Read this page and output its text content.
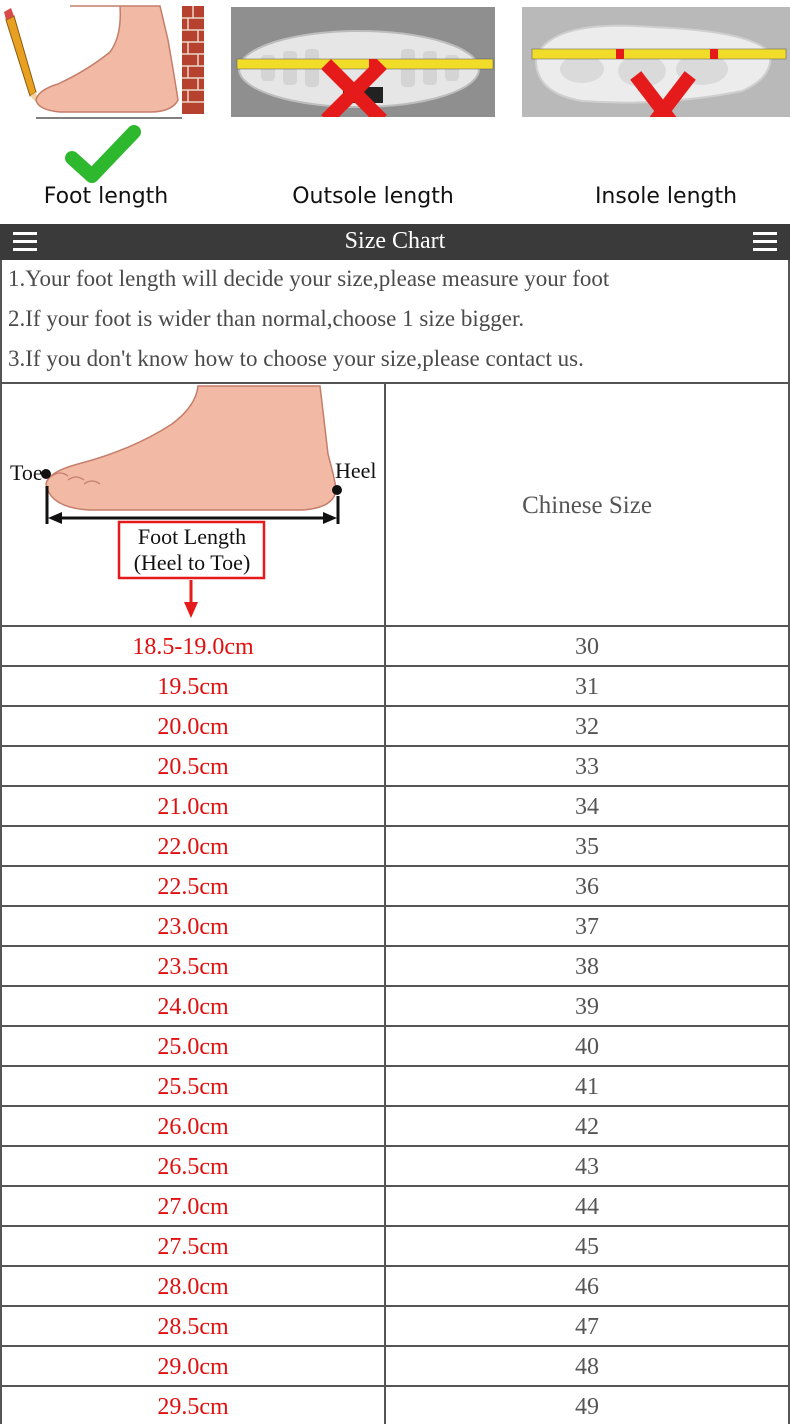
Foot length	Outsole length	Insole length
Size Chart
1.Your foot length will decide your size,please measure your foot
2.If your foot is wider than normal,choose 1 size bigger.
3.If you don't know how to choose your size,please contact us.
Toe	Heel
Foot Length
(Heel to Toe)
Chinese Size
18.5-19.0cm	30
19.5cm	31
20.0cm	32
20.5cm	33
21.0cm	34
22.0cm	35
22.5cm	36
23.0cm	37
23.5cm	38
24.0cm	39
25.0cm	40
25.5cm	41
26.0cm	42
26.5cm	43
27.0cm	44
27.5cm	45
28.0cm	46
28.5cm	47
29.0cm	48
29.5cm	49
